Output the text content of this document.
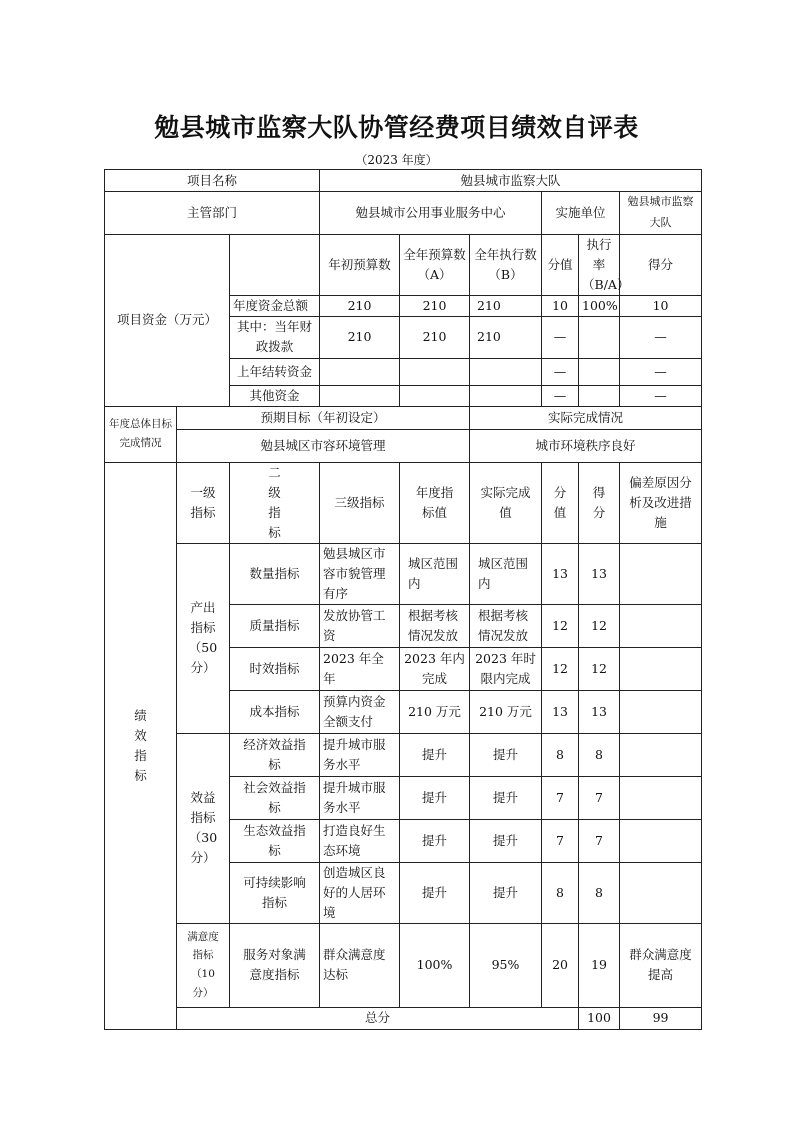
勉县城市监察大队协管经费项目绩效自评表
（2023 年度）
项目名称			勉县城市监察大队						
主管部门			勉县城市公用事业服务中心			实施单位		勉县城市监察大队	
项目资金（万元）			年初预算数	全年预算数（A）	全年执行数（B）	分值	执行率（B/A）	得分	
		年度资金总额	210	210	210	10	100%	10	
		其中：当年财政拨款	210	210	210	—		—	
		上年结转资金				—		—	
		其他资金				—		—	
年度总体目标完成情况	预期目标（年初设定）				实际完成情况				
	勉县城区市容环境管理				城市环境秩序良好				
绩效指标	一级指标	二级指标	三级指标	年度指标值	实际完成值	分值	得分	偏差原因分析及改进措施	
	产出指标（50分）	数量指标	勉县城区市容市貌管理有序	城区范围内	城区范围内	13	13		
		质量指标	发放协管工资	根据考核情况发放	根据考核情况发放	12	12		
		时效指标	2023 年全年	2023 年内完成	2023 年时限内完成	12	12		
		成本指标	预算内资金全额支付	210 万元	210 万元	13	13		
	效益指标（30分）	经济效益指标	提升城市服务水平	提升	提升	8	8		
		社会效益指标	提升城市服务水平	提升	提升	7	7		
		生态效益指标	打造良好生态环境	提升	提升	7	7		
		可持续影响指标	创造城区良好的人居环境	提升	提升	8	8		
	满意度指标（10分）	服务对象满意度指标	群众满意度达标	100%	95%	20	19	群众满意度提高	
	总分						100	99	
